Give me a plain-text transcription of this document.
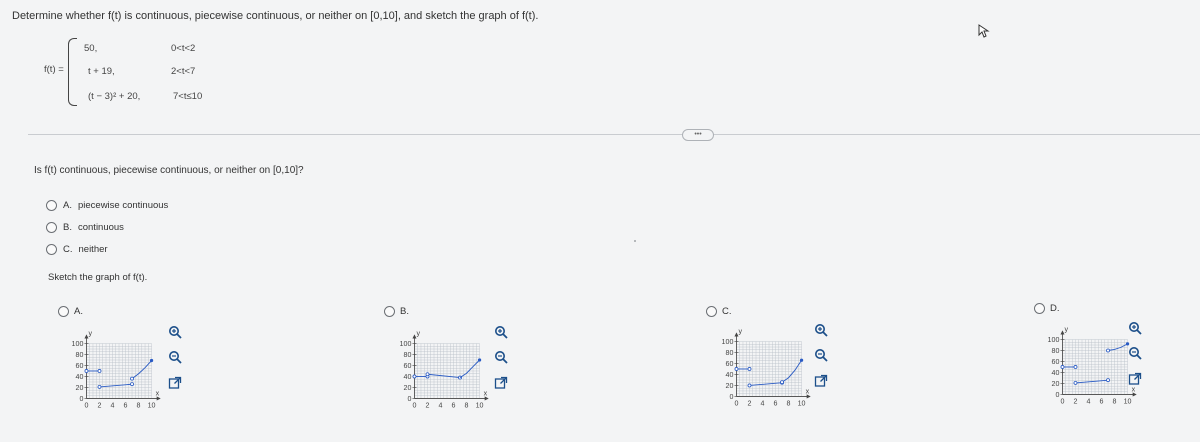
Determine whether f(t) is continuous, piecewise continuous, or neither on [0,10], and sketch the graph of f(t).
f(t) =
50,	0<t<2
t + 19,	2<t<7
(t − 3)² + 20,	7<t≤10
•••
Is f(t) continuous, piecewise continuous, or neither on [0,10]?
A. piecewise continuous
B. continuous
C. neither
Sketch the graph of f(t).
A.
y
x
100
80
60
40
20
0
0 2 4 6 8 10
B.
y
x
100
80
60
40
20
0
0 2 4 6 8 10
C.
y
x
100
80
60
40
20
0
0 2 4 6 8 10
D.
y
x
100
80
60
40
20
0
0 2 4 6 8 10
